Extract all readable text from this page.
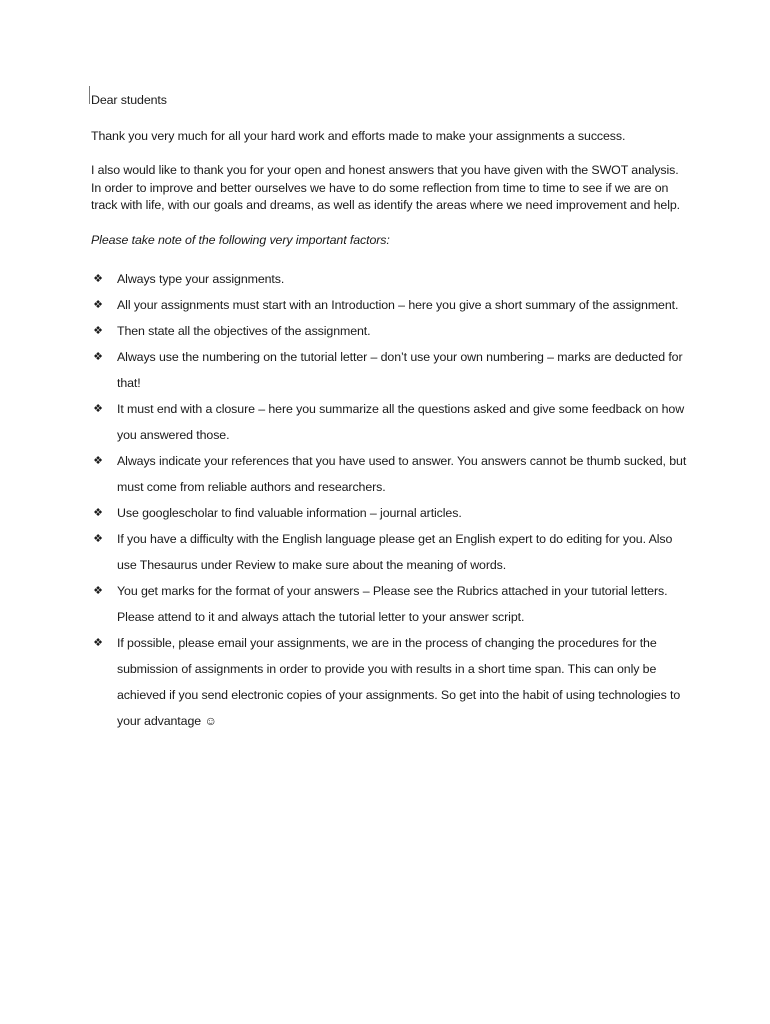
Dear students

Thank you very much for all your hard work and efforts made to make your assignments a success.

I also would like to thank you for your open and honest answers that you have given with the SWOT analysis. In order to improve and better ourselves we have to do some reflection from time to time to see if we are on track with life, with our goals and dreams, as well as identify the areas where we need improvement and help.

Please take note of the following very important factors:

❖ Always type your assignments.
❖ All your assignments must start with an Introduction – here you give a short summary of the assignment.
❖ Then state all the objectives of the assignment.
❖ Always use the numbering on the tutorial letter – don’t use your own numbering – marks are deducted for that!
❖ It must end with a closure – here you summarize all the questions asked and give some feedback on how you answered those.
❖ Always indicate your references that you have used to answer. You answers cannot be thumb sucked, but must come from reliable authors and researchers.
❖ Use googlescholar to find valuable information – journal articles.
❖ If you have a difficulty with the English language please get an English expert to do editing for you. Also use Thesaurus under Review to make sure about the meaning of words.
❖ You get marks for the format of your answers – Please see the Rubrics attached in your tutorial letters. Please attend to it and always attach the tutorial letter to your answer script.
❖ If possible, please email your assignments, we are in the process of changing the procedures for the submission of assignments in order to provide you with results in a short time span. This can only be achieved if you send electronic copies of your assignments. So get into the habit of using technologies to your advantage ☺
